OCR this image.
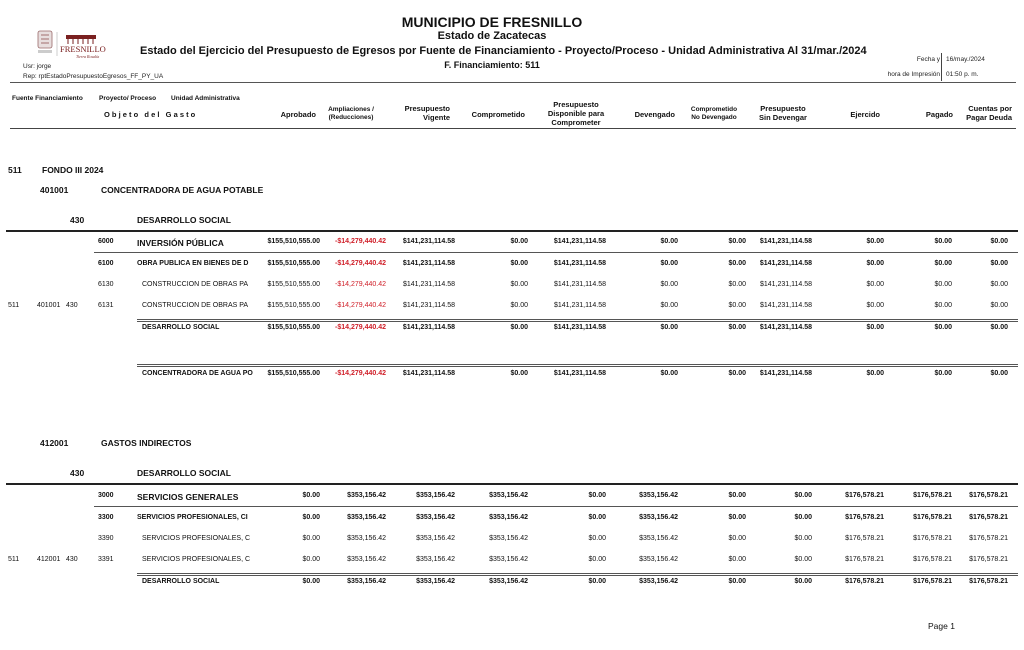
FRESNILLO
Tierra Rosalía
MUNICIPIO DE FRESNILLO
Estado de Zacatecas
Estado del Ejercicio del Presupuesto de Egresos por Fuente de Financiamiento - Proyecto/Proceso - Unidad Administrativa Al 31/mar./2024
F. Financiamiento: 511
Usr: jorge
Rep: rptEstadoPresupuestoEgresos_FF_PY_UA
Fecha y 16/may./2024
hora de Impresión 01:50 p. m.
Fuente Financiamiento Proyecto/ Proceso Unidad Administrativa
O b j e t o   d e l   G a s t o	Aprobado
Ampliaciones /
(Reducciones)
Presupuesto
Vigente	Comprometido
Presupuesto
Disponible para
Comprometer
Devengado
Comprometido
No Devengado
Presupuesto
Sin Devengar	Ejercido	Pagado
Cuentas por
Pagar Deuda
511 FONDO III 2024
401001	CONCENTRADORA DE AGUA POTABLE
430	DESARROLLO SOCIAL
6000	INVERSIÓN PÚBLICA	$155,510,555.00	-$14,279,440.42	$141,231,114.58	$0.00	$141,231,114.58	$0.00	$0.00	$141,231,114.58	$0.00	$0.00	$0.00
6100	OBRA PÚBLICA EN BIENES DE D	$155,510,555.00	-$14,279,440.42	$141,231,114.58	$0.00	$141,231,114.58	$0.00	$0.00	$141,231,114.58	$0.00	$0.00	$0.00
6130	CONSTRUCCIÓN DE OBRAS PA	$155,510,555.00	-$14,279,440.42	$141,231,114.58	$0.00	$141,231,114.58	$0.00	$0.00	$141,231,114.58	$0.00	$0.00	$0.00
511	401001 430	6131	CONSTRUCCIÓN DE OBRAS PA	$155,510,555.00	-$14,279,440.42	$141,231,114.58	$0.00	$141,231,114.58	$0.00	$0.00	$141,231,114.58	$0.00	$0.00	$0.00
DESARROLLO SOCIAL	$155,510,555.00	-$14,279,440.42	$141,231,114.58	$0.00	$141,231,114.58	$0.00	$0.00	$141,231,114.58	$0.00	$0.00	$0.00
CONCENTRADORA DE AGUA PO	$155,510,555.00	-$14,279,440.42	$141,231,114.58	$0.00	$141,231,114.58	$0.00	$0.00	$141,231,114.58	$0.00	$0.00	$0.00
3000	SERVICIOS GENERALES	$0.00	$353,156.42	$353,156.42	$353,156.42	$0.00	$353,156.42	$0.00	$0.00	$176,578.21	$176,578.21	$176,578.21
3300	SERVICIOS PROFESIONALES, CI	$0.00	$353,156.42	$353,156.42	$353,156.42	$0.00	$353,156.42	$0.00	$0.00	$176,578.21	$176,578.21	$176,578.21
3390	SERVICIOS PROFESIONALES, C	$0.00	$353,156.42	$353,156.42	$353,156.42	$0.00	$353,156.42	$0.00	$0.00	$176,578.21	$176,578.21	$176,578.21
511	412001 430	3391	SERVICIOS PROFESIONALES, C	$0.00	$353,156.42	$353,156.42	$353,156.42	$0.00	$353,156.42	$0.00	$0.00	$176,578.21	$176,578.21	$176,578.21
DESARROLLO SOCIAL	$0.00	$353,156.42	$353,156.42	$353,156.42	$0.00	$353,156.42	$0.00	$0.00	$176,578.21	$176,578.21	$176,578.21
412001	GASTOS INDIRECTOS
430	DESARROLLO SOCIAL
Page 1
